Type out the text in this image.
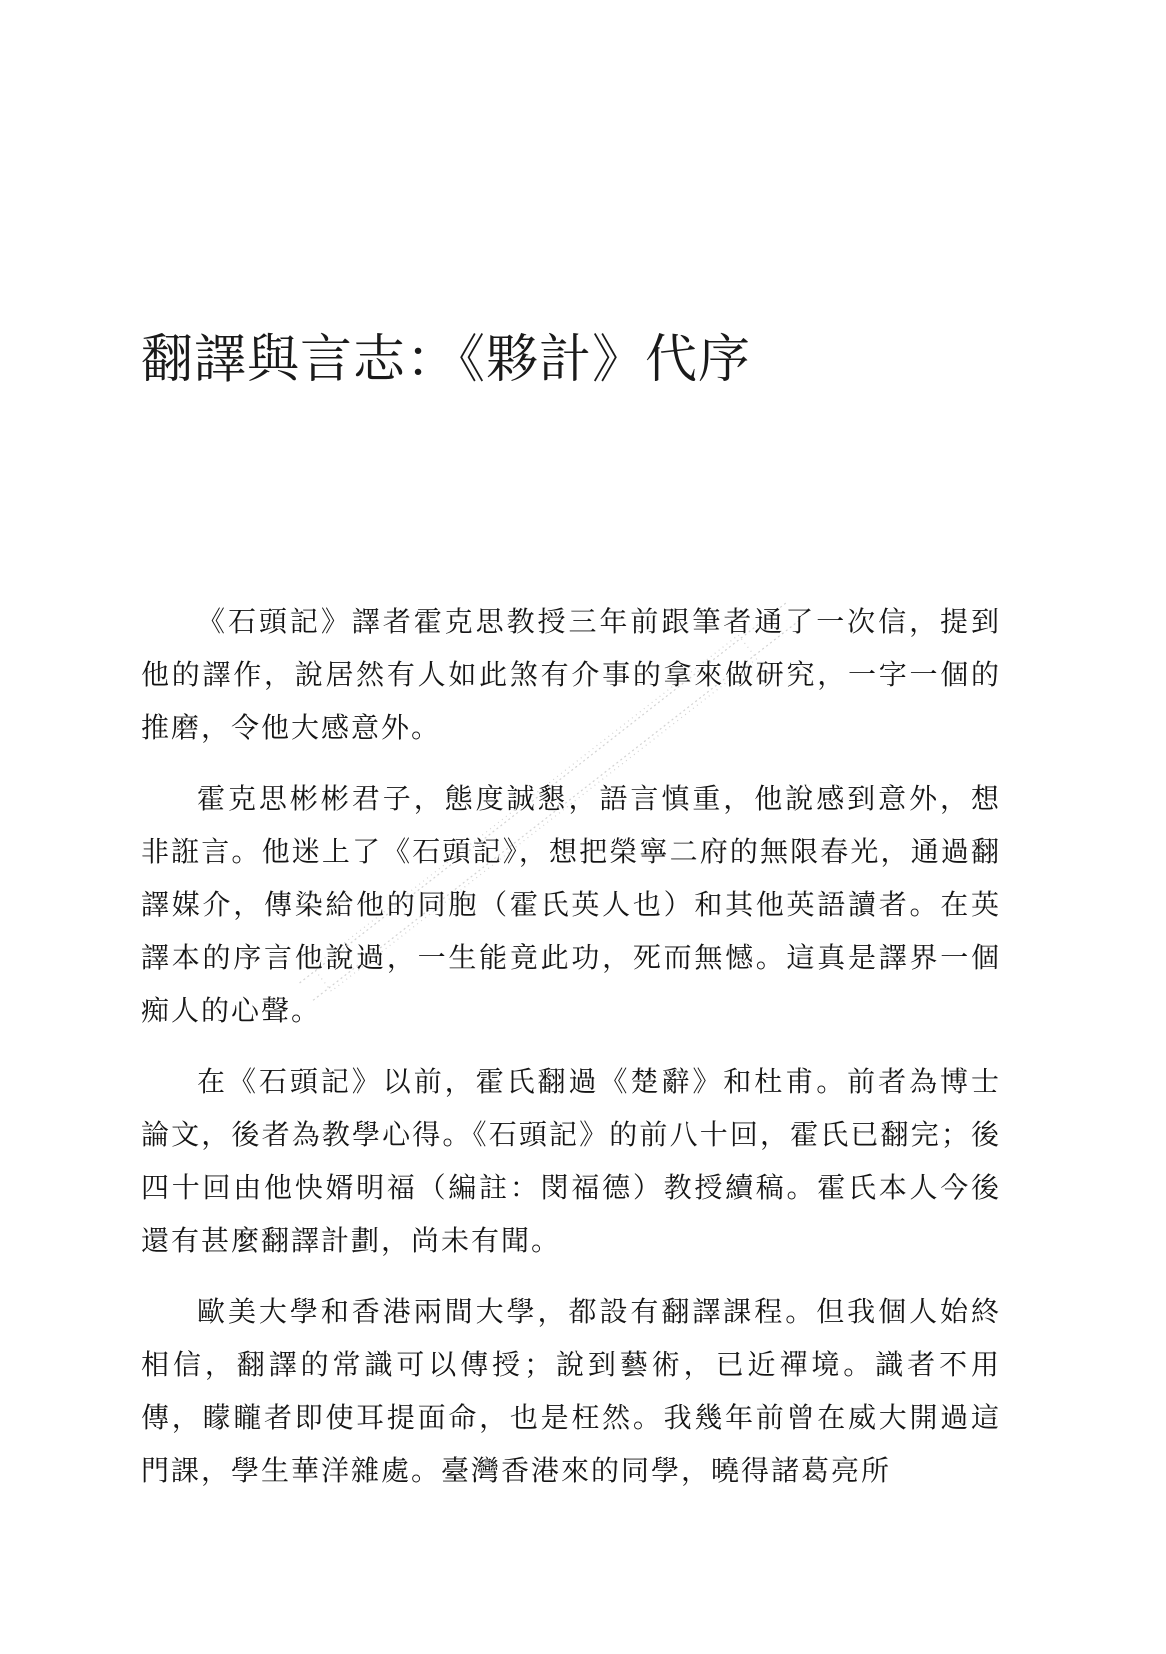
翻譯與言志：《夥計》代序

《石頭記》譯者霍克思教授三年前跟筆者通了一次信，提到他的譯作，說居然有人如此煞有介事的拿來做研究，一字一個的推磨，令他大感意外。

霍克思彬彬君子，態度誠懇，語言慎重，他說感到意外，想非誑言。他迷上了《石頭記》，想把榮寧二府的無限春光，通過翻譯媒介，傳染給他的同胞（霍氏英人也）和其他英語讀者。在英譯本的序言他說過，一生能竟此功，死而無憾。這真是譯界一個痴人的心聲。

在《石頭記》以前，霍氏翻過《楚辭》和杜甫。前者為博士論文，後者為教學心得。《石頭記》的前八十回，霍氏已翻完；後四十回由他快婿明福（編註：閔福德）教授續稿。霍氏本人今後還有甚麼翻譯計劃，尚未有聞。

歐美大學和香港兩間大學，都設有翻譯課程。但我個人始終相信，翻譯的常識可以傳授；說到藝術，已近禪境。識者不用傳，矇矓者即使耳提面命，也是枉然。我幾年前曾在威大開過這門課，學生華洋雜處。臺灣香港來的同學，曉得諸葛亮所
